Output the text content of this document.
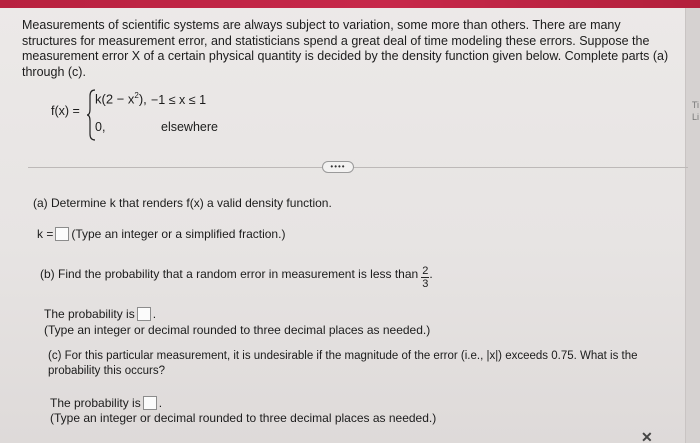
Ti
Li
Measurements of scientific systems are always subject to variation, some more than others. There are many structures for measurement error, and statisticians spend a great deal of time modeling these errors. Suppose the measurement error X of a certain physical quantity is decided by the density function given below. Complete parts (a) through (c).
f(x) =
$k(2 - x^2)$, −1 ≤ x ≤ 1
0,	elsewhere
••••
(a) Determine k that renders f(x) a valid density function.
k = (Type an integer or a simplified fraction.)
(b) Find the probability that a random error in measurement is less than $\frac{2}{3}$ .
The probability is .
(Type an integer or decimal rounded to three decimal places as needed.)
(c) For this particular measurement, it is undesirable if the magnitude of the error (i.e., |x|) exceeds 0.75. What is the
probability this occurs?
The probability is .
(Type an integer or decimal rounded to three decimal places as needed.)
✕
